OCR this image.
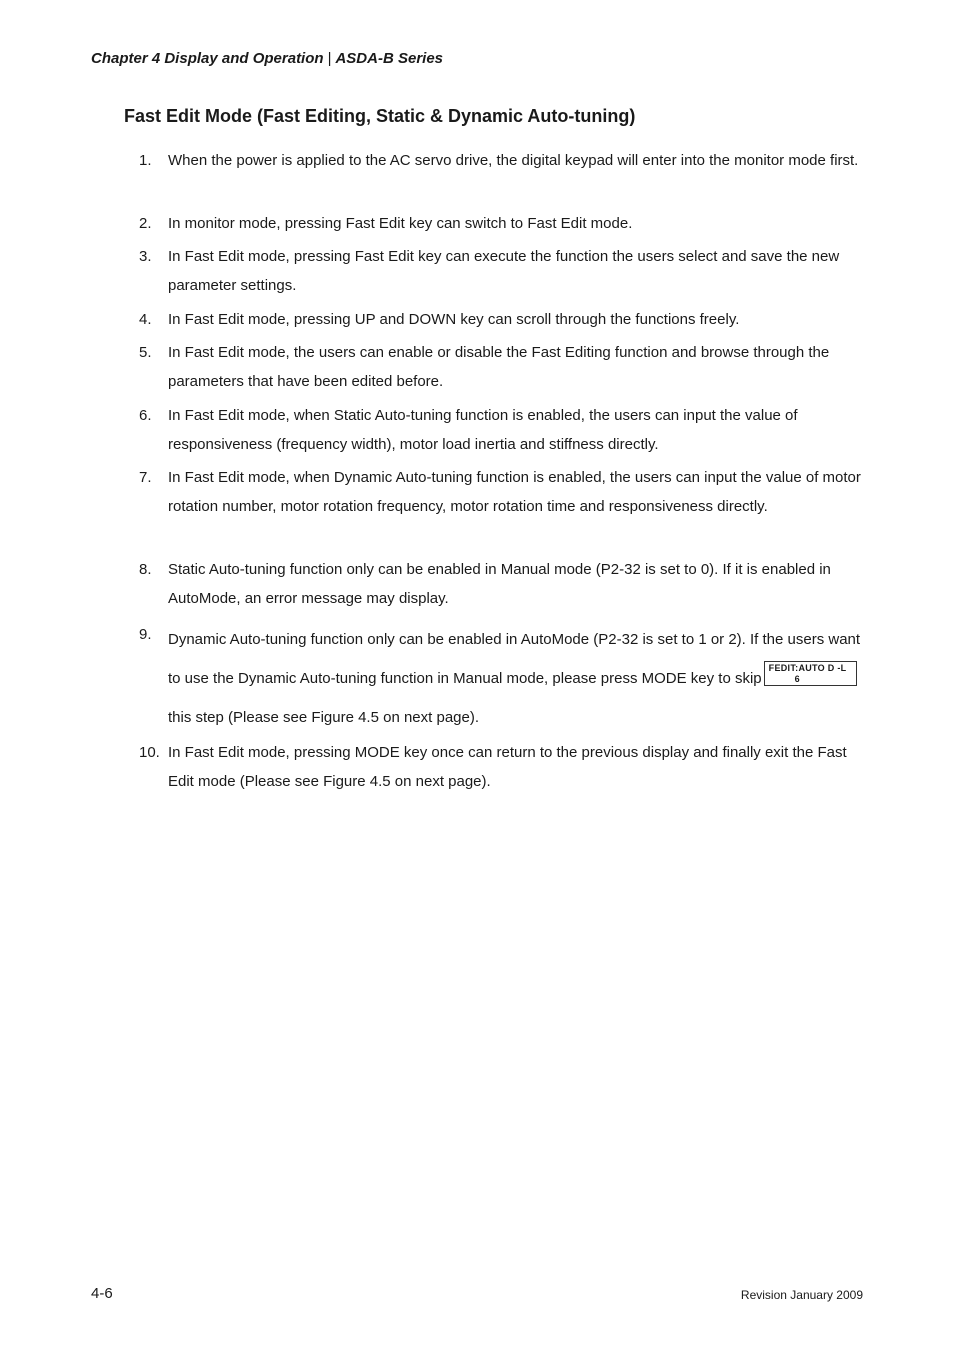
Chapter 4 Display and Operation | ASDA-B Series
Fast Edit Mode (Fast Editing, Static & Dynamic Auto-tuning)
1. When the power is applied to the AC servo drive, the digital keypad will enter into the monitor mode first.
2. In monitor mode, pressing Fast Edit key can switch to Fast Edit mode.
3. In Fast Edit mode, pressing Fast Edit key can execute the function the users select and save the new parameter settings.
4. In Fast Edit mode, pressing UP and DOWN key can scroll through the functions freely.
5. In Fast Edit mode, the users can enable or disable the Fast Editing function and browse through the parameters that have been edited before.
6. In Fast Edit mode, when Static Auto-tuning function is enabled, the users can input the value of responsiveness (frequency width), motor load inertia and stiffness directly.
7. In Fast Edit mode, when Dynamic Auto-tuning function is enabled, the users can input the value of motor rotation number, motor rotation frequency, motor rotation time and responsiveness directly.
8. Static Auto-tuning function only can be enabled in Manual mode (P2-32 is set to 0). If it is enabled in AutoMode, an error message may display.
9. Dynamic Auto-tuning function only can be enabled in AutoMode (P2-32 is set to 1 or 2). If the users want to use the Dynamic Auto-tuning function in Manual mode, please press MODE key to skip
FEDIT:AUTO D -L
6
this step (Please see Figure 4.5 on next page).
10. In Fast Edit mode, pressing MODE key once can return to the previous display and finally exit the Fast Edit mode (Please see Figure 4.5 on next page).
4-6	Revision January 2009
